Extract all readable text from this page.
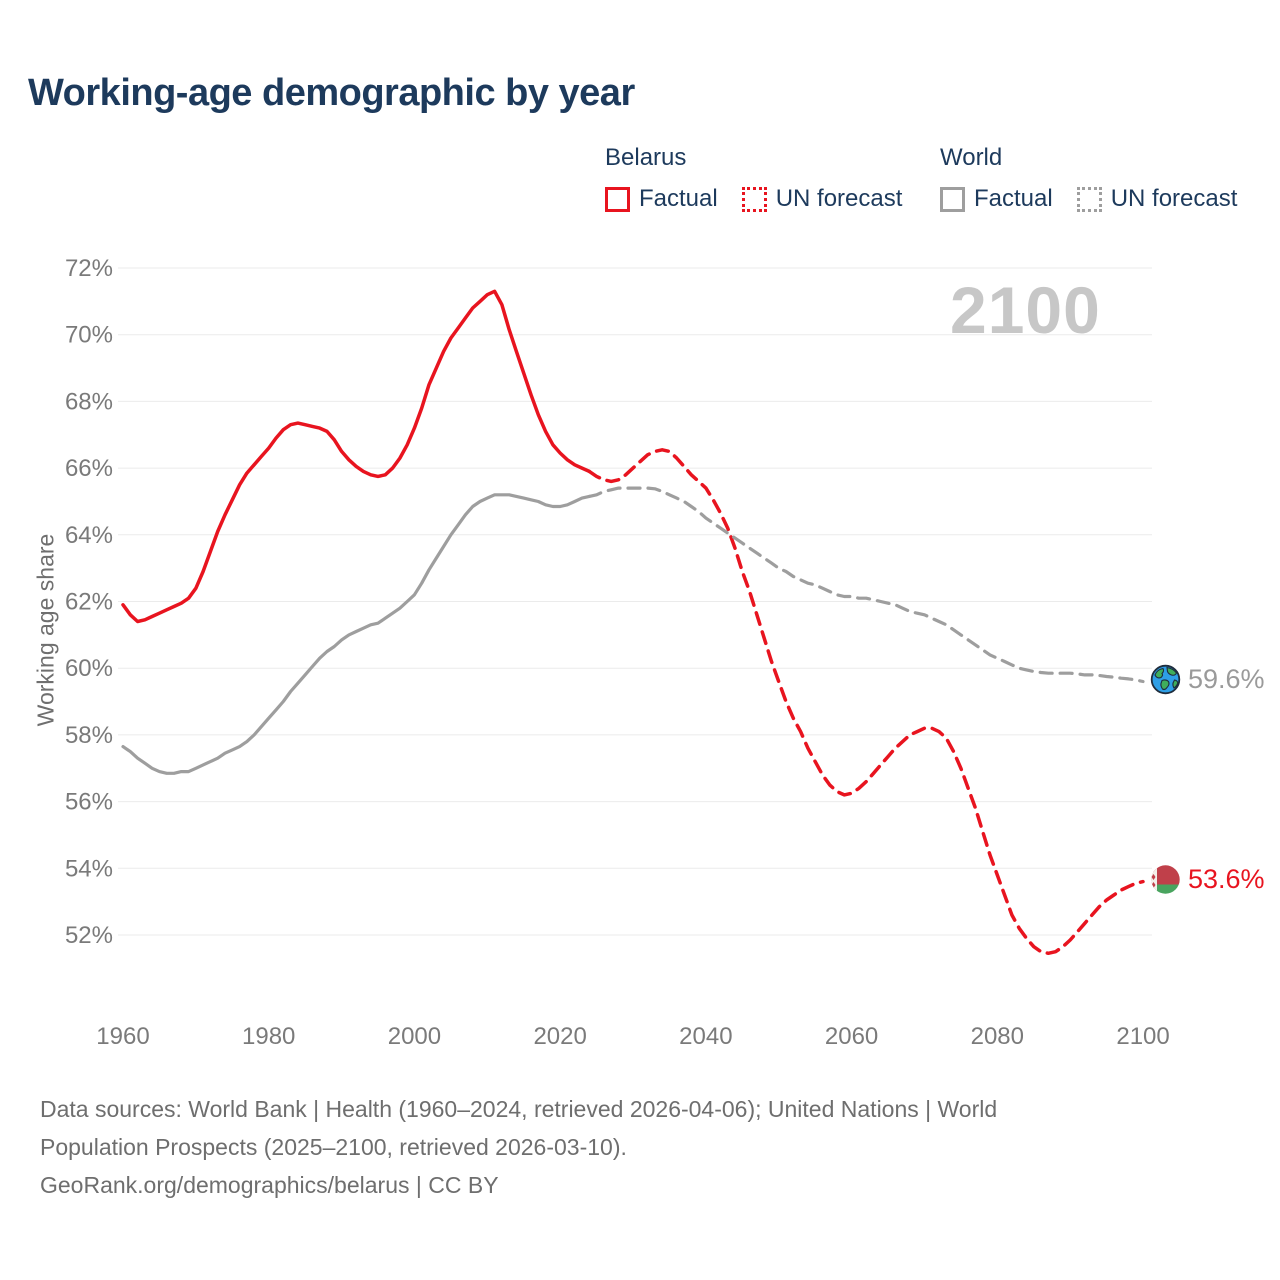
Working-age demographic by year
Belarus
Factual UN forecast
World
Factual UN forecast
2100
Working age share
72%
70%
68%
66%
64%
62%
60%
58%
56%
54%
52%
1960	1980	2000	2020	2040	2060	2080	2100
59.6%
53.6%
Data sources: World Bank | Health (1960–2024, retrieved 2026-04-06); United Nations | World
Population Prospects (2025–2100, retrieved 2026-03-10).
GeoRank.org/demographics/belarus | CC BY
